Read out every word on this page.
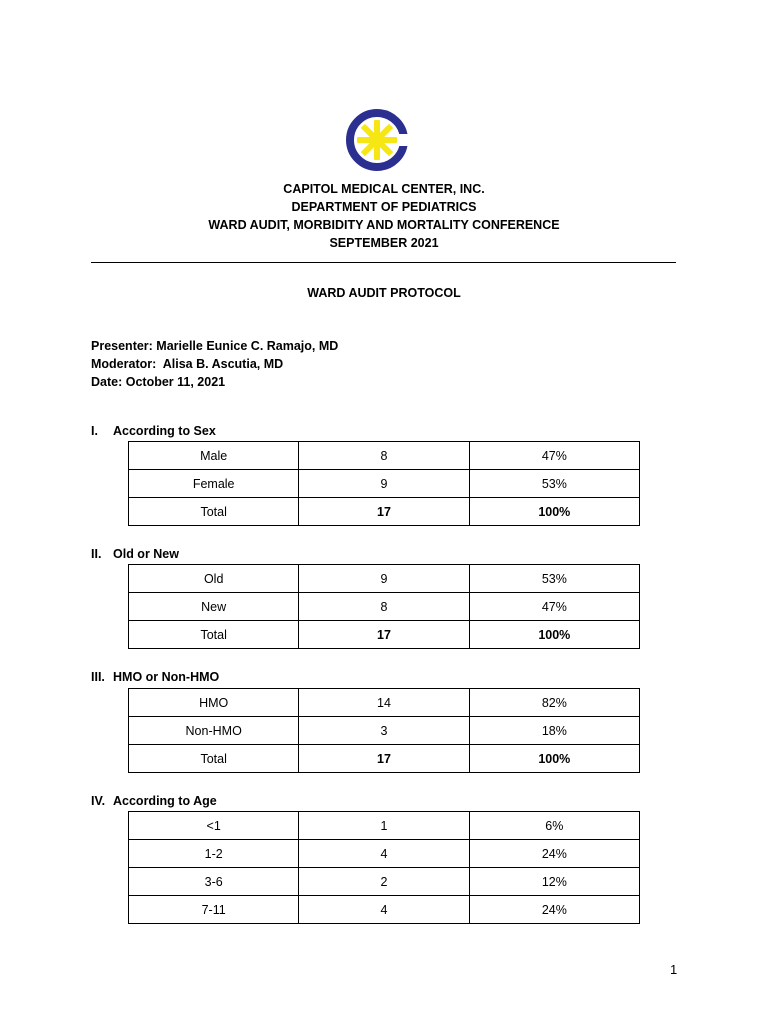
CAPITOL MEDICAL CENTER, INC.
DEPARTMENT OF PEDIATRICS
WARD AUDIT, MORBIDITY AND MORTALITY CONFERENCE
SEPTEMBER 2021
WARD AUDIT PROTOCOL
Presenter: Marielle Eunice C. Ramajo, MD
Moderator:  Alisa B. Ascutia, MD
Date: October 11, 2021
I. According to Sex
Male	8	47%
Female	9	53%
Total	17	100%
II. Old or New
Old	9	53%
New	8	47%
Total	17	100%
III. HMO or Non-HMO
HMO	14	82%
Non-HMO	3	18%
Total	17	100%
IV. According to Age
<1	1	6%
1-2	4	24%
3-6	2	12%
7-11	4	24%
1
